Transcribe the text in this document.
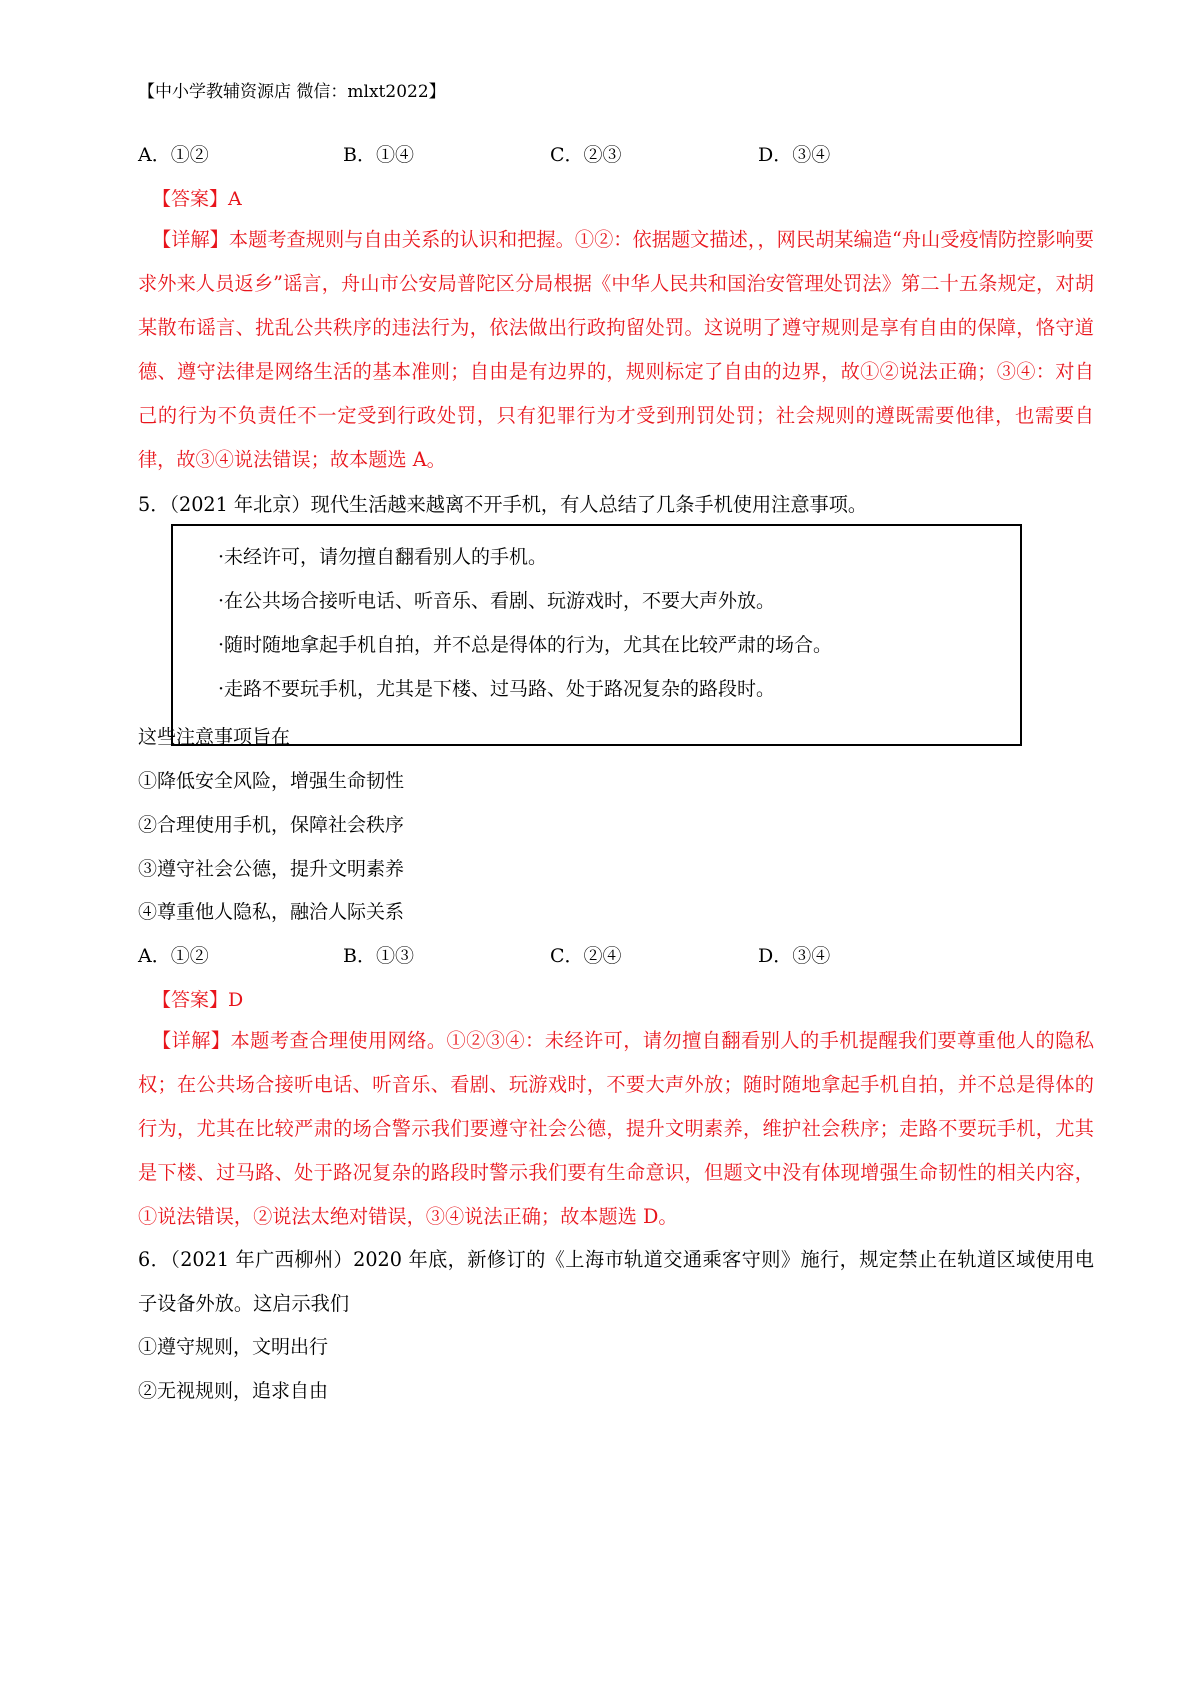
【中小学教辅资源店 微信：mlxt2022】
A．①②	B．①④	C．②③	D．③④
【答案】A
【详解】本题考查规则与自由关系的认识和把握。①②：依据题文描述，，网民胡某编造“舟山受疫情防控影响要求外来人员返乡”谣言，舟山市公安局普陀区分局根据《中华人民共和国治安管理处罚法》第二十五条规定，对胡某散布谣言、扰乱公共秩序的违法行为，依法做出行政拘留处罚。这说明了遵守规则是享有自由的保障，恪守道德、遵守法律是网络生活的基本准则；自由是有边界的，规则标定了自由的边界，故①②说法正确；③④：对自己的行为不负责任不一定受到行政处罚，只有犯罪行为才受到刑罚处罚；社会规则的遵既需要他律，也需要自律，故③④说法错误；故本题选 A。
5．（2021 年北京）现代生活越来越离不开手机，有人总结了几条手机使用注意事项。
·未经许可，请勿擅自翻看别人的手机。
·在公共场合接听电话、听音乐、看剧、玩游戏时，不要大声外放。
·随时随地拿起手机自拍，并不总是得体的行为，尤其在比较严肃的场合。
·走路不要玩手机，尤其是下楼、过马路、处于路况复杂的路段时。
这些注意事项旨在
①降低安全风险，增强生命韧性
②合理使用手机，保障社会秩序
③遵守社会公德，提升文明素养
④尊重他人隐私，融洽人际关系
A．①②	B．①③	C．②④	D．③④
【答案】D
【详解】本题考查合理使用网络。①②③④：未经许可，请勿擅自翻看别人的手机提醒我们要尊重他人的隐私权；在公共场合接听电话、听音乐、看剧、玩游戏时，不要大声外放；随时随地拿起手机自拍，并不总是得体的行为，尤其在比较严肃的场合警示我们要遵守社会公德，提升文明素养，维护社会秩序；走路不要玩手机，尤其是下楼、过马路、处于路况复杂的路段时警示我们要有生命意识，但题文中没有体现增强生命韧性的相关内容，①说法错误，②说法太绝对错误，③④说法正确；故本题选 D。
6．（2021 年广西柳州）2020 年底，新修订的《上海市轨道交通乘客守则》施行，规定禁止在轨道区域使用电子设备外放。这启示我们
①遵守规则，文明出行
②无视规则，追求自由
